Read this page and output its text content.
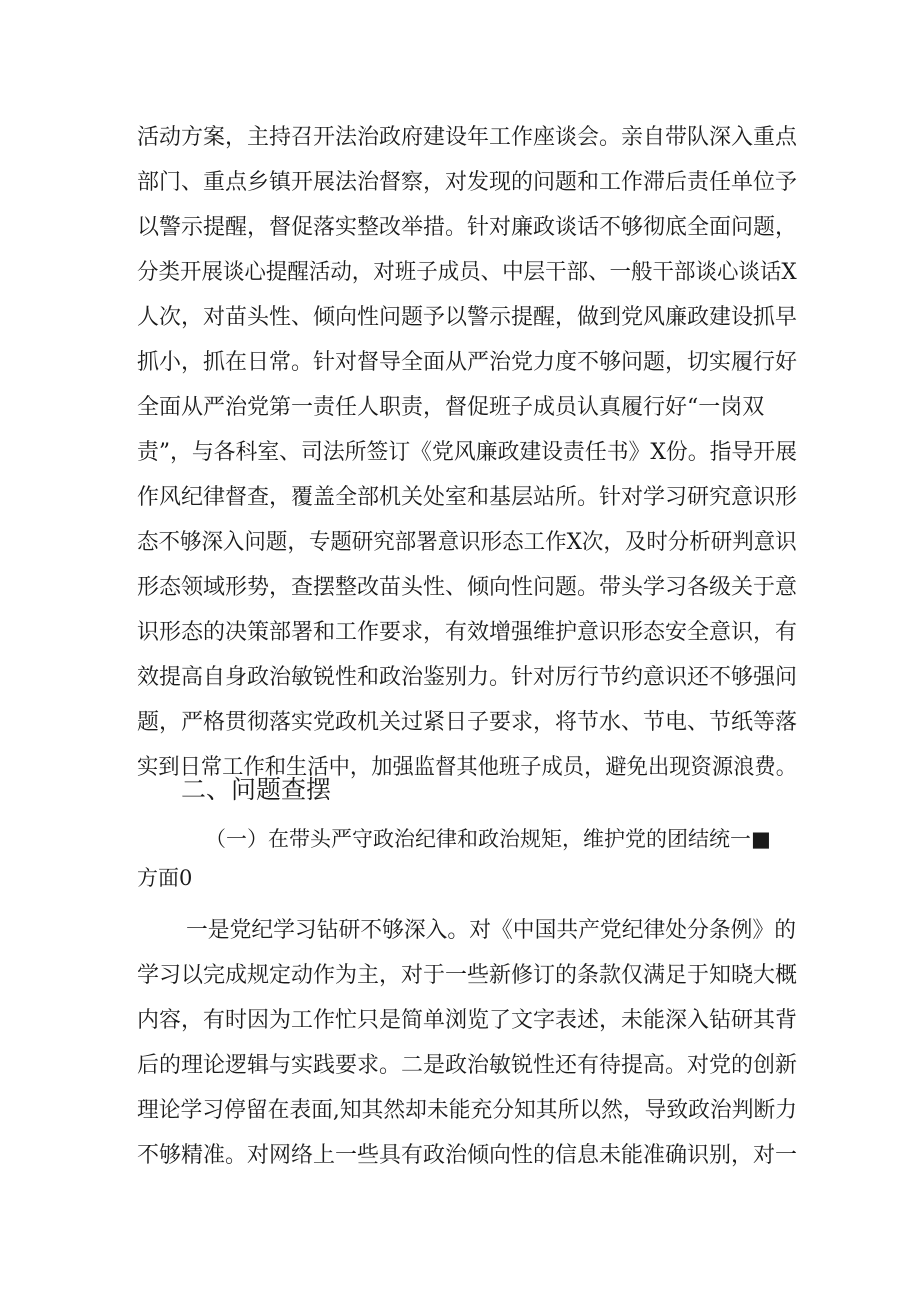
活动方案，主持召开法治政府建设年工作座谈会。亲自带队深入重点
部门、重点乡镇开展法治督察，对发现的问题和工作滞后责任单位予
以警示提醒，督促落实整改举措。针对廉政谈话不够彻底全面问题，
分类开展谈心提醒活动，对班子成员、中层干部、一般干部谈心谈话X
人次，对苗头性、倾向性问题予以警示提醒，做到党风廉政建设抓早
抓小，抓在日常。针对督导全面从严治党力度不够问题，切实履行好
全面从严治党第一责任人职责，督促班子成员认真履行好“一岗双
责”，与各科室、司法所签订《党风廉政建设责任书》X份。指导开展
作风纪律督查，覆盖全部机关处室和基层站所。针对学习研究意识形
态不够深入问题，专题研究部署意识形态工作X次，及时分析研判意识
形态领域形势，查摆整改苗头性、倾向性问题。带头学习各级关于意
识形态的决策部署和工作要求，有效增强维护意识形态安全意识，有
效提高自身政治敏锐性和政治鉴别力。针对厉行节约意识还不够强问
题，严格贯彻落实党政机关过紧日子要求，将节水、节电、节纸等落
实到日常工作和生活中，加强监督其他班子成员，避免出现资源浪费。
二、问题查摆
（一）在带头严守政治纪律和政治规矩，维护党的团结统一■
方面0
一是党纪学习钻研不够深入。对《中国共产党纪律处分条例》的
学习以完成规定动作为主，对于一些新修订的条款仅满足于知晓大概
内容，有时因为工作忙只是简单浏览了文字表述，未能深入钻研其背
后的理论逻辑与实践要求。二是政治敏锐性还有待提高。对党的创新
理论学习停留在表面,知其然却未能充分知其所以然，导致政治判断力
不够精准。对网络上一些具有政治倾向性的信息未能准确识别，对一
